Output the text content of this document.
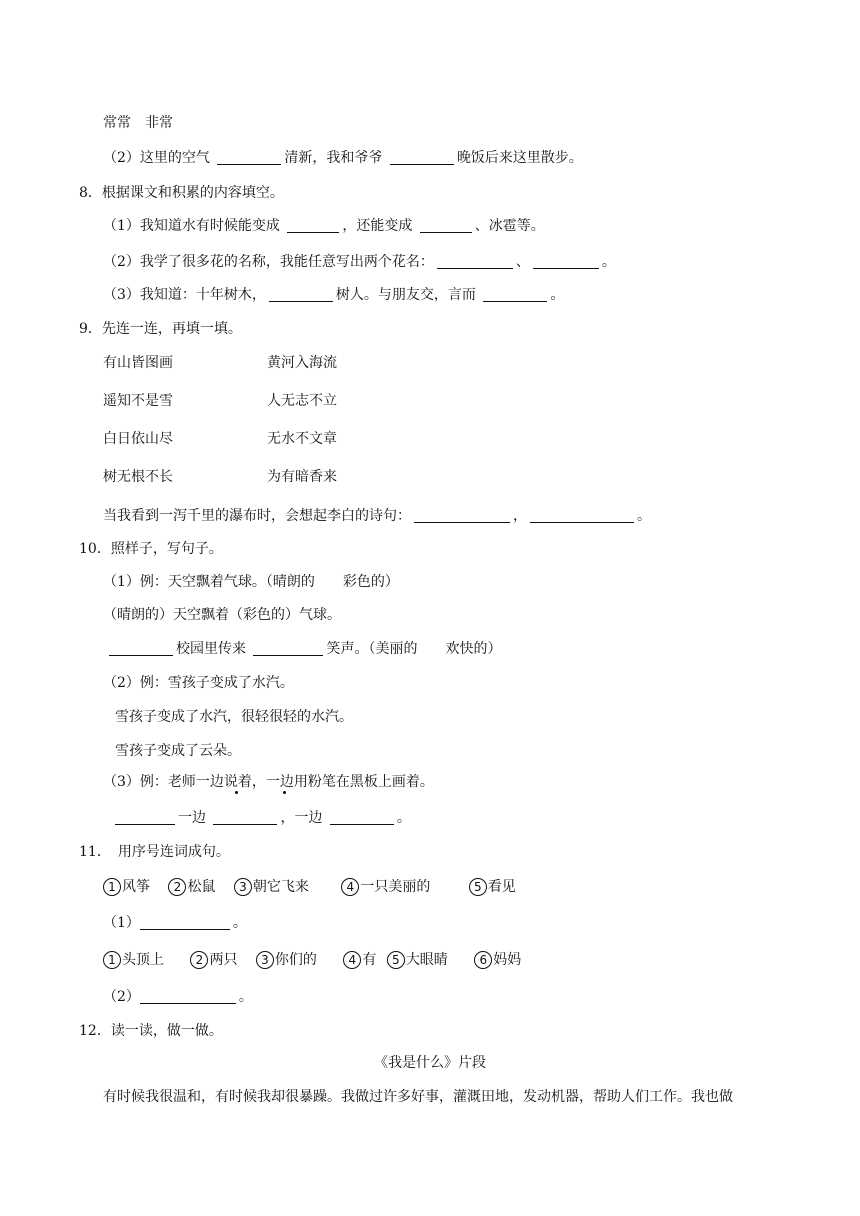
常常　非常
（2）这里的空气	清新，我和爷爷	晚饭后来这里散步。
8．根据课文和积累的内容填空。
（1）我知道水有时候能变成	，还能变成	、冰雹等。
（2）我学了很多花的名称，我能任意写出两个花名：	、	。
（3）我知道：十年树木，	树人。与朋友交，言而	。
9．先连一连，再填一填。
有山皆图画	黄河入海流
遥知不是雪	人无志不立
白日依山尽	无水不文章
树无根不长	为有暗香来
当我看到一泻千里的瀑布时，会想起李白的诗句：	，	。
10．照样子，写句子。
（1）例：天空飘着气球。（晴朗的　　彩色的）
（晴朗的）天空飘着（彩色的）气球。
校园里传来	笑声。（美丽的　　欢快的）
（2）例：雪孩子变成了水汽。
雪孩子变成了水汽，很轻很轻的水汽。
雪孩子变成了云朵。
（3）例：老师一边说着，一边用粉笔在黑板上画着。
一边	，一边	。
11．　用序号连词成句。
1 风筝 2 松鼠 3 朝它飞来	4 一只美丽的	5 看见
（1）	。
1 头顶上	2 两只 3 你们的	4 有 5 大眼睛	6 妈妈
（2）	。
12．读一读，做一做。
《我是什么》片段
有时候我很温和，有时候我却很暴躁。我做过许多好事，灌溉田地，发动机器，帮助人们工作。我也做
